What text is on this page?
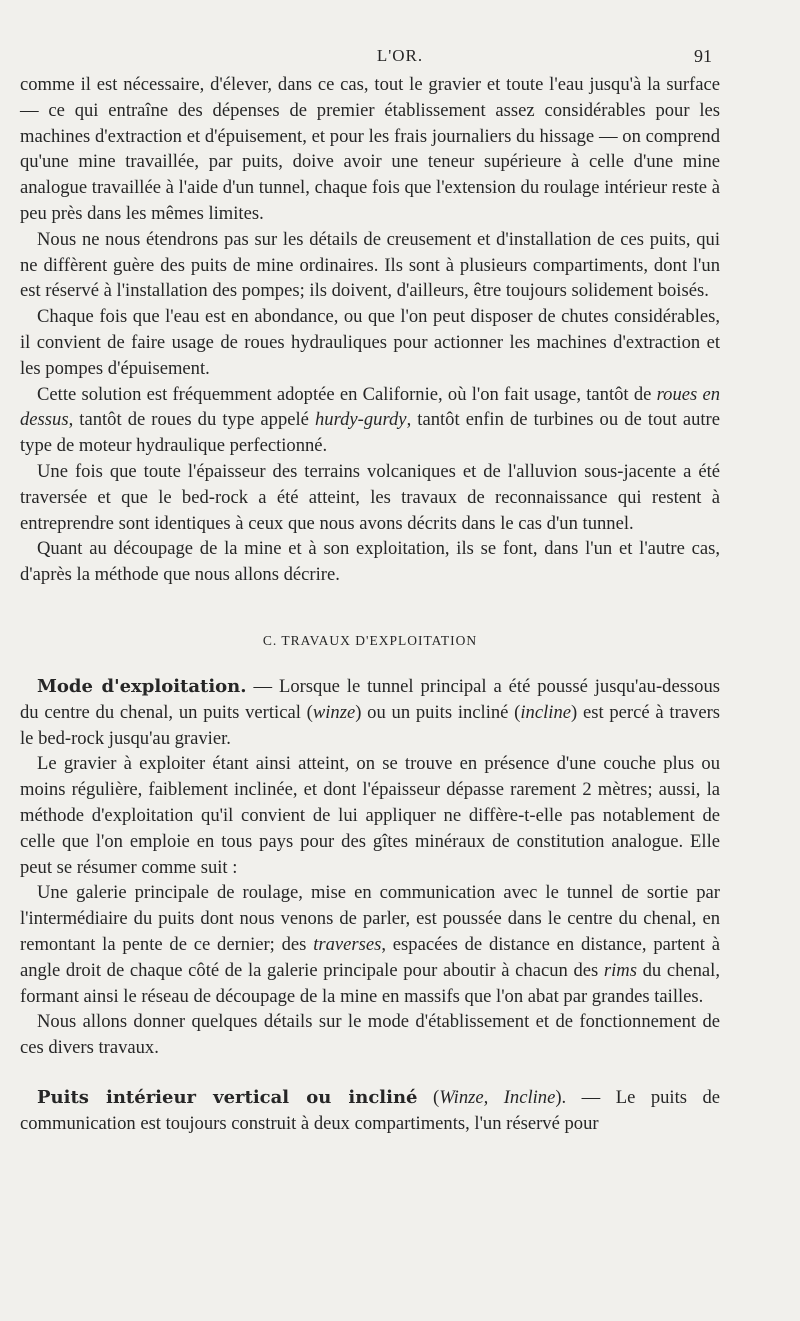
L'OR.	91

comme il est nécessaire, d'élever, dans ce cas, tout le gravier et toute l'eau jusqu'à la surface — ce qui entraîne des dépenses de premier établissement assez considérables pour les machines d'extraction et d'épuisement, et pour les frais journaliers du hissage — on comprend qu'une mine travaillée, par puits, doive avoir une teneur supérieure à celle d'une mine analogue travaillée à l'aide d'un tunnel, chaque fois que l'extension du roulage intérieur reste à peu près dans les mêmes limites.

Nous ne nous étendrons pas sur les détails de creusement et d'installation de ces puits, qui ne diffèrent guère des puits de mine ordinaires. Ils sont à plusieurs compartiments, dont l'un est réservé à l'installation des pompes; ils doivent, d'ailleurs, être toujours solidement boisés.

Chaque fois que l'eau est en abondance, ou que l'on peut disposer de chutes considérables, il convient de faire usage de roues hydrauliques pour actionner les machines d'extraction et les pompes d'épuisement.

Cette solution est fréquemment adoptée en Californie, où l'on fait usage, tantôt de roues en dessus, tantôt de roues du type appelé hurdy-gurdy, tantôt enfin de turbines ou de tout autre type de moteur hydraulique perfectionné.

Une fois que toute l'épaisseur des terrains volcaniques et de l'alluvion sous-jacente a été traversée et que le bed-rock a été atteint, les travaux de reconnaissance qui restent à entreprendre sont identiques à ceux que nous avons décrits dans le cas d'un tunnel.

Quant au découpage de la mine et à son exploitation, ils se font, dans l'un et l'autre cas, d'après la méthode que nous allons décrire.

C. TRAVAUX D'EXPLOITATION

Mode d'exploitation. — Lorsque le tunnel principal a été poussé jusqu'au-dessous du centre du chenal, un puits vertical (winze) ou un puits incliné (incline) est percé à travers le bed-rock jusqu'au gravier.

Le gravier à exploiter étant ainsi atteint, on se trouve en présence d'une couche plus ou moins régulière, faiblement inclinée, et dont l'épaisseur dépasse rarement 2 mètres; aussi, la méthode d'exploitation qu'il convient de lui appliquer ne diffère-t-elle pas notablement de celle que l'on emploie en tous pays pour des gîtes minéraux de constitution analogue. Elle peut se résumer comme suit :

Une galerie principale de roulage, mise en communication avec le tunnel de sortie par l'intermédiaire du puits dont nous venons de parler, est poussée dans le centre du chenal, en remontant la pente de ce dernier; des traverses, espacées de distance en distance, partent à angle droit de chaque côté de la galerie principale pour aboutir à chacun des rims du chenal, formant ainsi le réseau de découpage de la mine en massifs que l'on abat par grandes tailles.

Nous allons donner quelques détails sur le mode d'établissement et de fonctionnement de ces divers travaux.

Puits intérieur vertical ou incliné (Winze, Incline). — Le puits de communication est toujours construit à deux compartiments, l'un réservé pour
